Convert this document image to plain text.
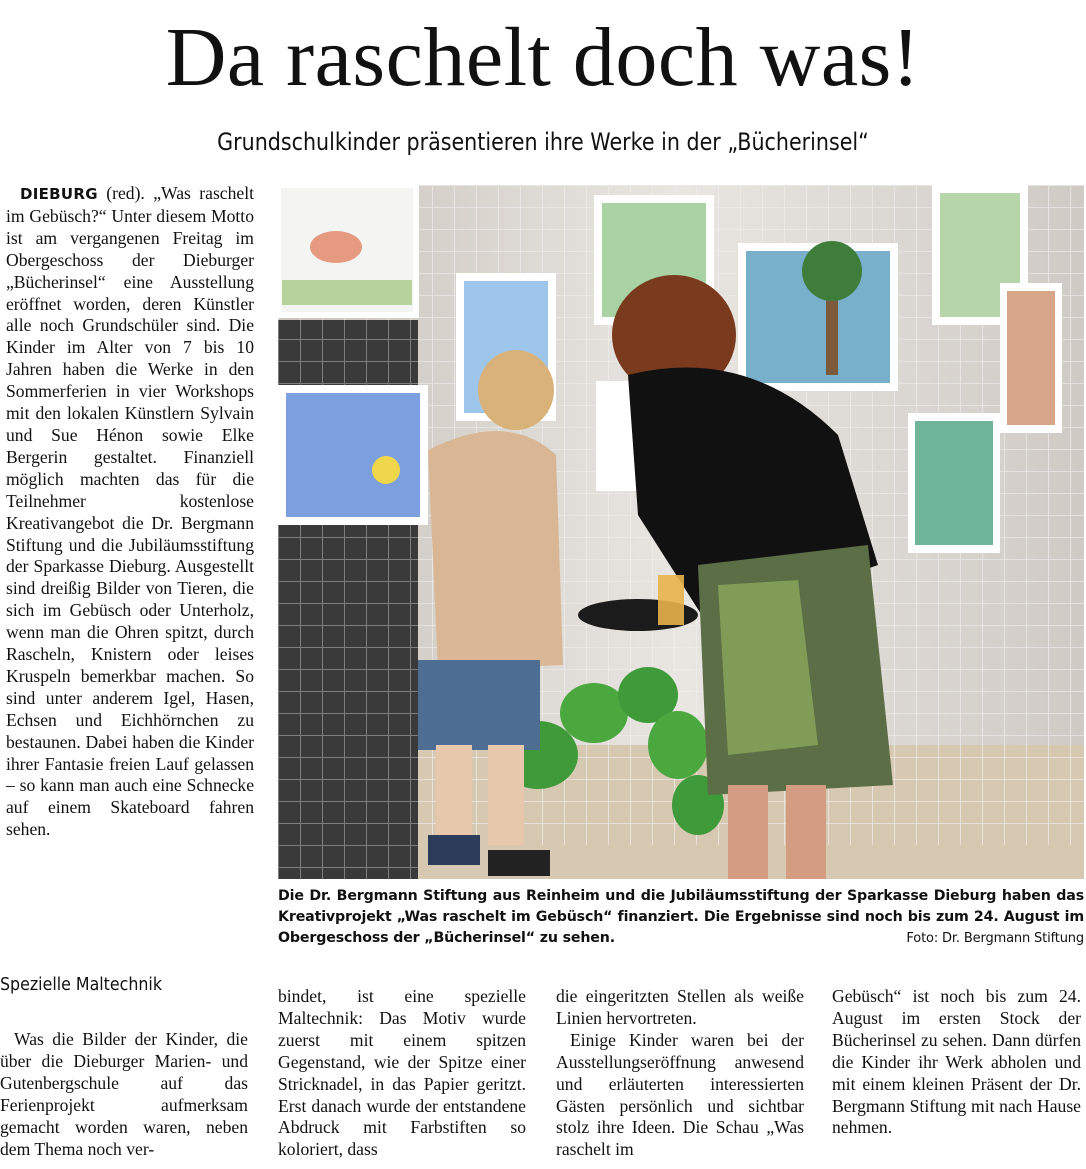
Da raschelt doch was!
Grundschulkinder präsentieren ihre Werke in der „Bücherinsel“

DIEBURG (red). „Was raschelt im Gebüsch?“ Unter diesem Motto ist am vergangenen Freitag im Obergeschoss der Dieburger „Bücherinsel“ eine Ausstellung eröffnet worden, deren Künstler alle noch Grundschüler sind. Die Kinder im Alter von 7 bis 10 Jahren haben die Werke in den Sommerferien in vier Workshops mit den lokalen Künstlern Sylvain und Sue Hénon sowie Elke Bergerin gestaltet. Finanziell möglich machten das für die Teilnehmer kostenlose Kreativangebot die Dr. Bergmann Stiftung und die Jubiläumsstiftung der Sparkasse Dieburg. Ausgestellt sind dreißig Bilder von Tieren, die sich im Gebüsch oder Unterholz, wenn man die Ohren spitzt, durch Rascheln, Knistern oder leises Kruspeln bemerkbar machen. So sind unter anderem Igel, Hasen, Echsen und Eichhörnchen zu bestaunen. Dabei haben die Kinder ihrer Fantasie freien Lauf gelassen – so kann man auch eine Schnecke auf einem Skateboard fahren sehen.

Spezielle Maltechnik

Was die Bilder der Kinder, die über die Dieburger Marien- und Gutenbergschule auf das Ferienprojekt aufmerksam gemacht worden waren, neben dem Thema noch ver-

bindet, ist eine spezielle Maltechnik: Das Motiv wurde zuerst mit einem spitzen Gegenstand, wie der Spitze einer Stricknadel, in das Papier geritzt. Erst danach wurde der entstandene Abdruck mit Farbstiften so koloriert, dass

die eingeritzten Stellen als weiße Linien hervortreten.

Einige Kinder waren bei der Ausstellungseröffnung anwesend und erläuterten interessierten Gästen persönlich und sichtbar stolz ihre Ideen. Die Schau „Was raschelt im

Gebüsch“ ist noch bis zum 24. August im ersten Stock der Bücherinsel zu sehen. Dann dürfen die Kinder ihr Werk abholen und mit einem kleinen Präsent der Dr. Bergmann Stiftung mit nach Hause nehmen.

Die Dr. Bergmann Stiftung aus Reinheim und die Jubiläumsstiftung der Sparkasse Dieburg haben das Kreativprojekt „Was raschelt im Gebüsch“ finanziert. Die Ergebnisse sind noch bis zum 24. August im Obergeschoss der „Bücherinsel“ zu sehen.	Foto: Dr. Bergmann Stiftung
